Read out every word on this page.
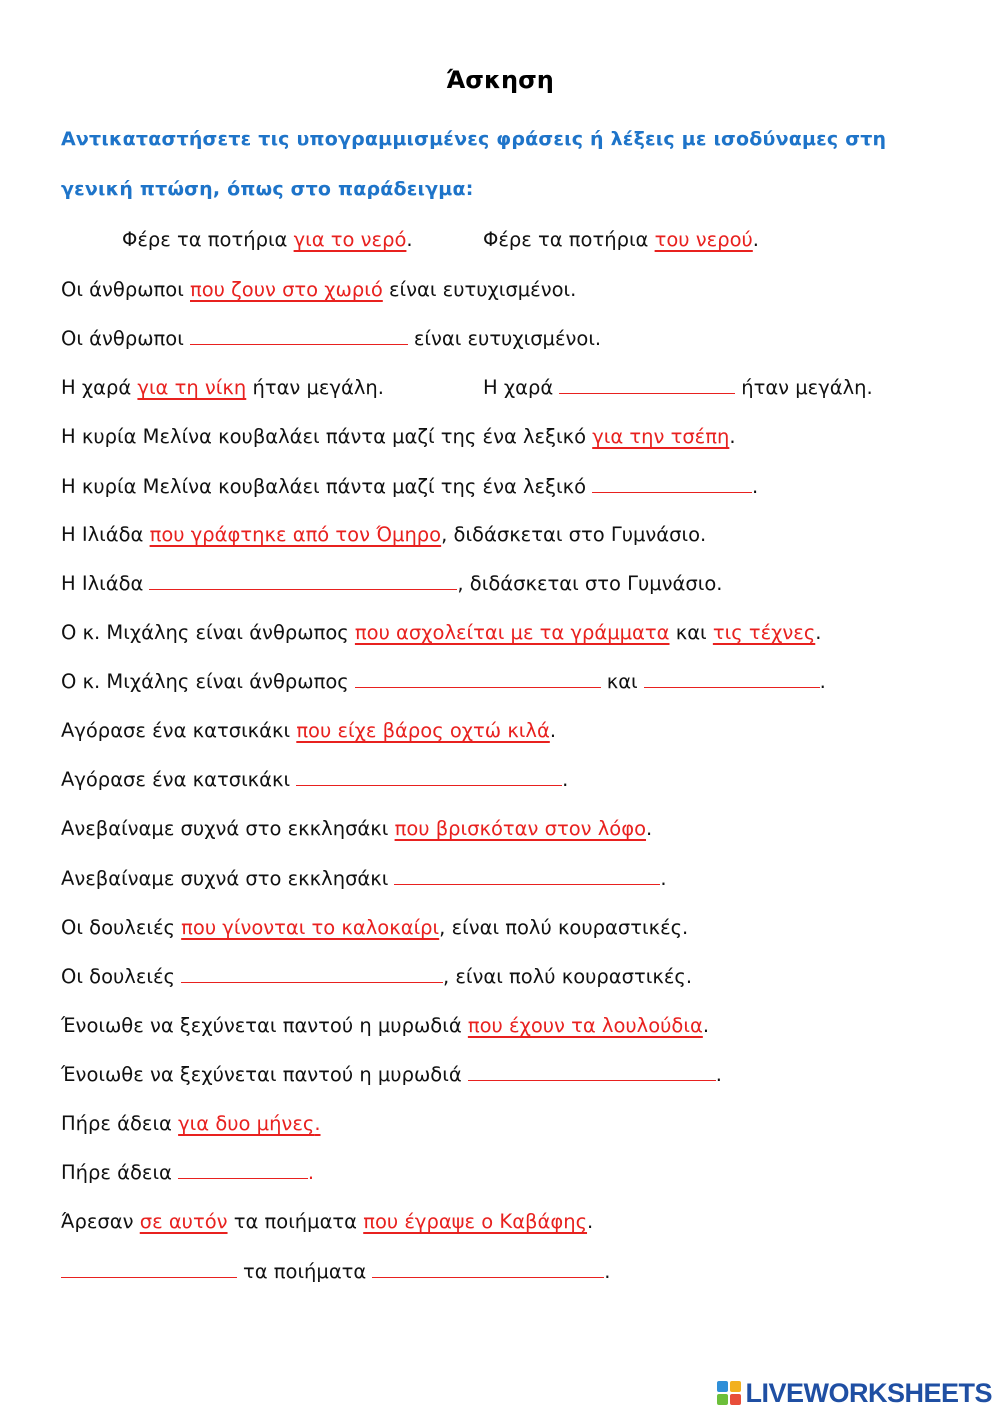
Άσκηση
Αντικαταστήσετε τις υπογραμμισμένες φράσεις ή λέξεις με ισοδύναμες στη
γενική πτώση, όπως στο παράδειγμα:
Φέρε τα ποτήρια για το νερό.	Φέρε τα ποτήρια του νερού.
Οι άνθρωποι που ζουν στο χωριό είναι ευτυχισμένοι.
Οι άνθρωποι	είναι ευτυχισμένοι.
Η χαρά για τη νίκη ήταν μεγάλη.	Η χαρά	ήταν μεγάλη.
Η κυρία Μελίνα κουβαλάει πάντα μαζί της ένα λεξικό για την τσέπη.
Η κυρία Μελίνα κουβαλάει πάντα μαζί της ένα λεξικό	.
Η Ιλιάδα που γράφτηκε από τον Όμηρο, διδάσκεται στο Γυμνάσιο.
Η Ιλιάδα	, διδάσκεται στο Γυμνάσιο.
Ο κ. Μιχάλης είναι άνθρωπος που ασχολείται με τα γράμματα και τις τέχνες.
Ο κ. Μιχάλης είναι άνθρωπος	και	.
Αγόρασε ένα κατσικάκι που είχε βάρος οχτώ κιλά.
Αγόρασε ένα κατσικάκι	.
Ανεβαίναμε συχνά στο εκκλησάκι που βρισκόταν στον λόφο.
Ανεβαίναμε συχνά στο εκκλησάκι	.
Οι δουλειές που γίνονται το καλοκαίρι, είναι πολύ κουραστικές.
Οι δουλειές	, είναι πολύ κουραστικές.
Ένοιωθε να ξεχύνεται παντού η μυρωδιά που έχουν τα λουλούδια.
Ένοιωθε να ξεχύνεται παντού η μυρωδιά	.
Πήρε άδεια για δυο μήνες.
Πήρε άδεια	.
Άρεσαν σε αυτόν τα ποιήματα που έγραψε ο Καβάφης.
τα ποιήματα	.
LIVEWORKSHEETS
